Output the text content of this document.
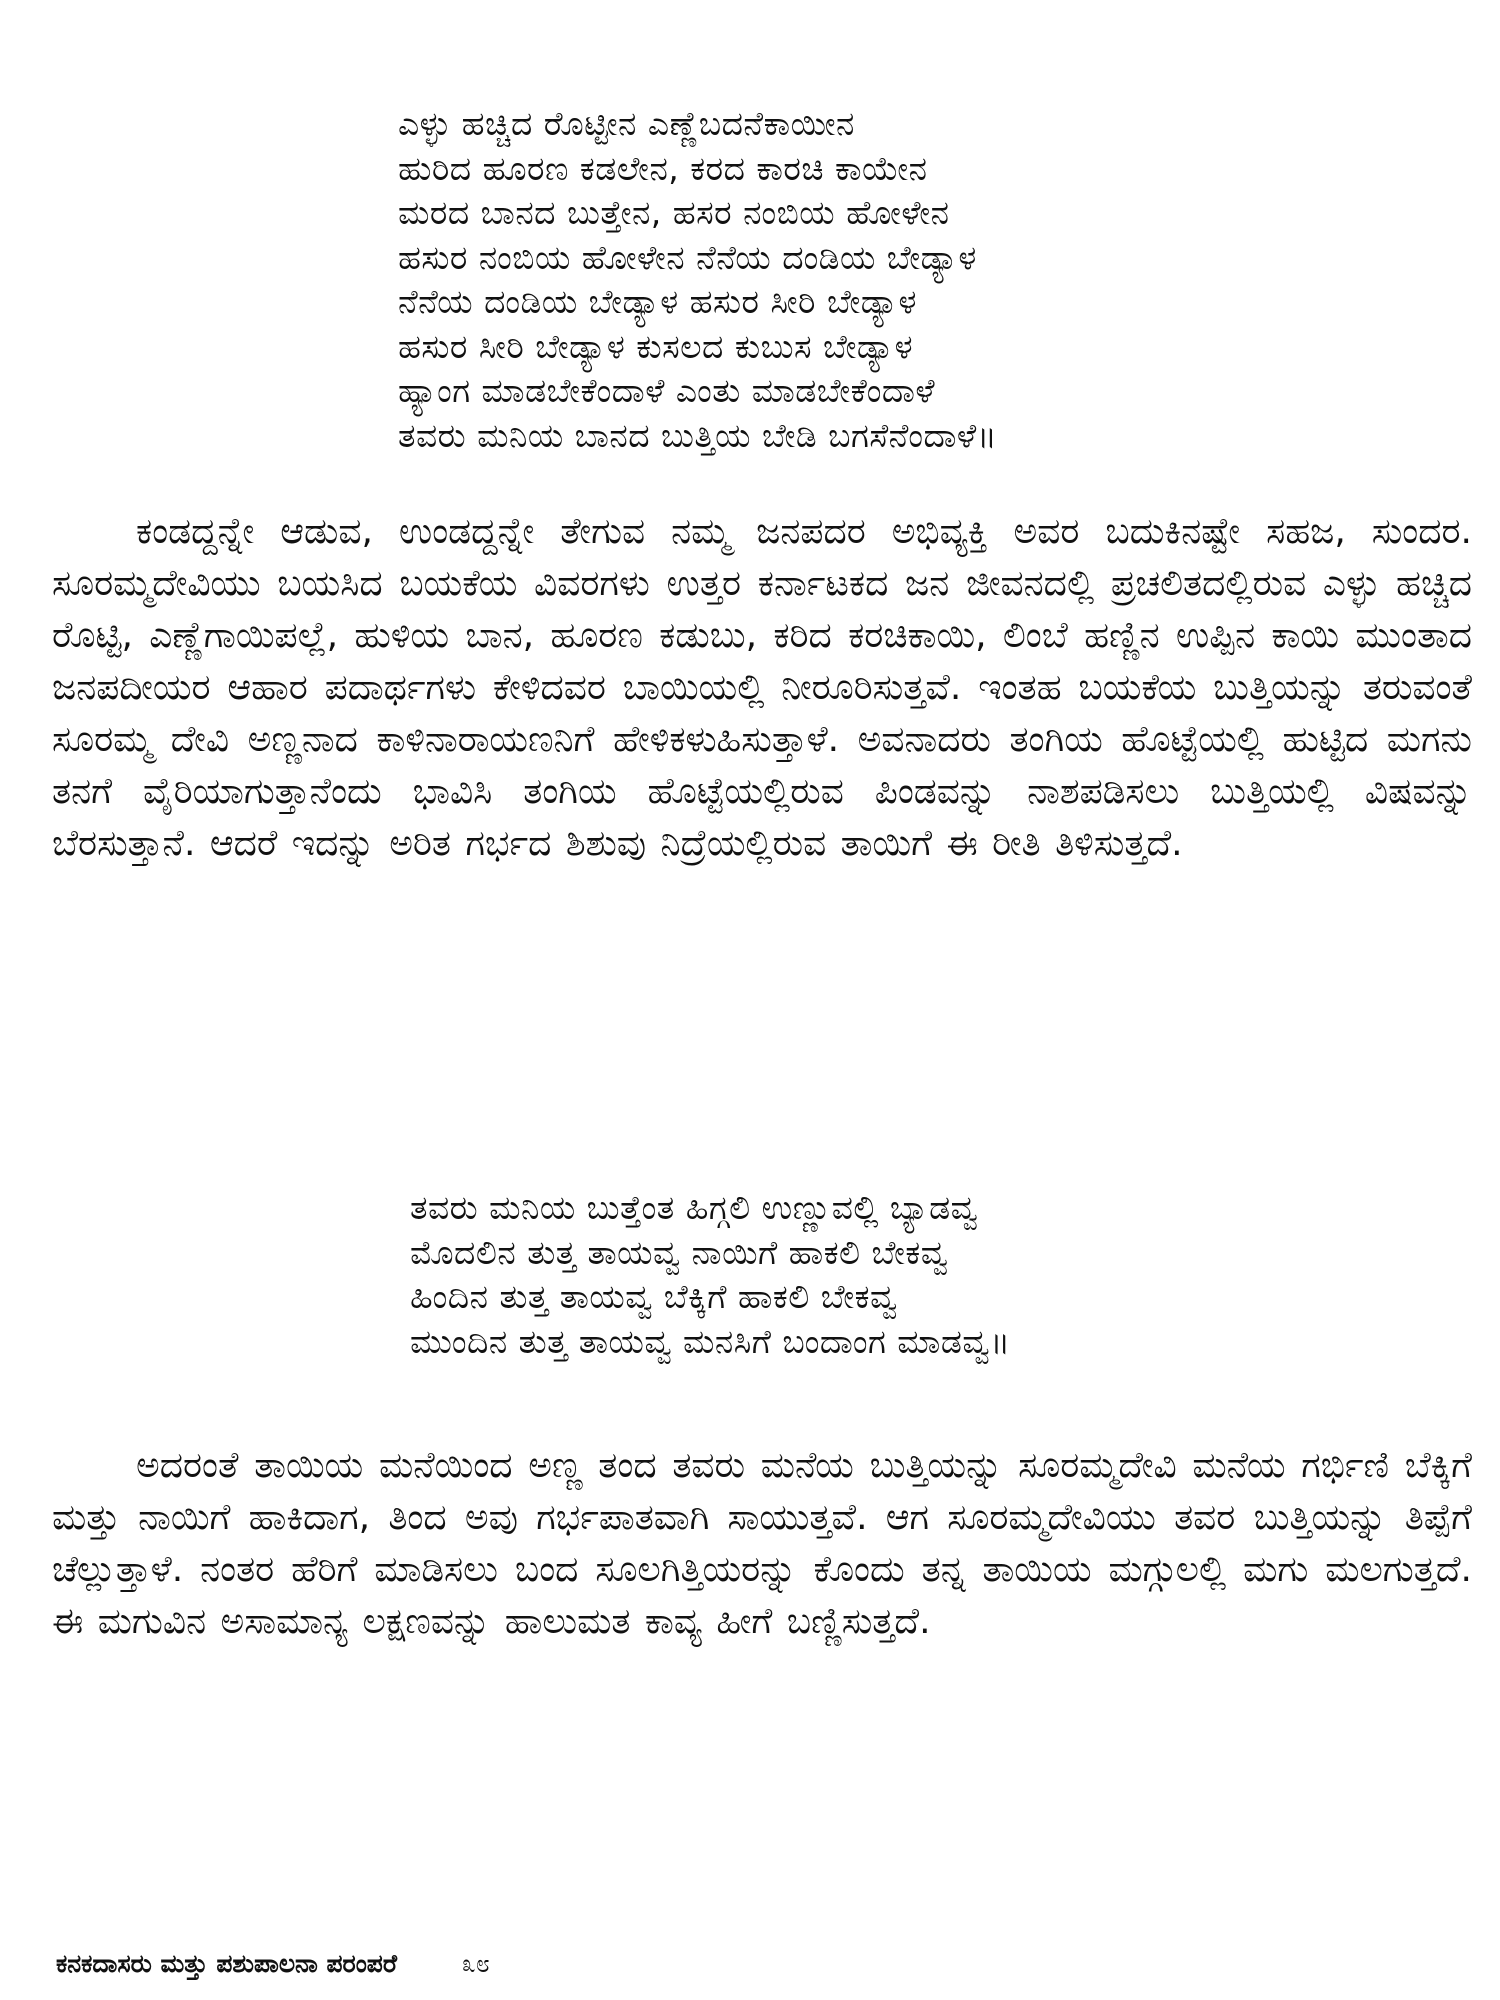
ಎಳ್ಳು ಹಚ್ಚಿದ ರೊಟ್ಟೀನ ಎಣ್ಣೆಬದನೆಕಾಯೀನ
ಹುರಿದ ಹೂರಣ ಕಡಲೇನ, ಕರದ ಕಾರಚಿ ಕಾಯೇನ
ಮರದ ಬಾನದ ಬುತ್ತೇನ, ಹಸರ ನಂಬಿಯ ಹೋಳೇನ
ಹಸುರ ನಂಬಿಯ ಹೋಳೇನ ನೆನೆಯ ದಂಡಿಯ ಬೇಡ್ಯಾಳ
ನೆನೆಯ ದಂಡಿಯ ಬೇಡ್ಯಾಳ ಹಸುರ ಸೀರಿ ಬೇಡ್ಯಾಳ
ಹಸುರ ಸೀರಿ ಬೇಡ್ಯಾಳ ಕುಸಲದ ಕುಬುಸ ಬೇಡ್ಯಾಳ
ಹ್ಯಾಂಗ ಮಾಡಬೇಕೆಂದಾಳೆ ಎಂತು ಮಾಡಬೇಕೆಂದಾಳೆ
ತವರು ಮನಿಯ ಬಾನದ ಬುತ್ತಿಯ ಬೇಡಿ ಬಗಸೆನೆಂದಾಳೆ॥

ಕಂಡದ್ದನ್ನೇ ಆಡುವ, ಉಂಡದ್ದನ್ನೇ ತೇಗುವ ನಮ್ಮ ಜನಪದರ ಅಭಿವ್ಯಕ್ತಿ ಅವರ ಬದುಕಿನಷ್ಟೇ ಸಹಜ, ಸುಂದರ. ಸೂರಮ್ಮದೇವಿಯು ಬಯಸಿದ ಬಯಕೆಯ ವಿವರಗಳು ಉತ್ತರ ಕರ್ನಾಟಕದ ಜನ ಜೀವನದಲ್ಲಿ ಪ್ರಚಲಿತದಲ್ಲಿರುವ ಎಳ್ಳು ಹಚ್ಚಿದ ರೊಟ್ಟಿ, ಎಣ್ಣೆಗಾಯಿಪಲ್ಲೆ, ಹುಳಿಯ ಬಾನ, ಹೂರಣ ಕಡುಬು, ಕರಿದ ಕರಚಿಕಾಯಿ, ಲಿಂಬೆ ಹಣ್ಣಿನ ಉಪ್ಪಿನ ಕಾಯಿ ಮುಂತಾದ ಜನಪದೀಯರ ಆಹಾರ ಪದಾರ್ಥಗಳು ಕೇಳಿದವರ ಬಾಯಿಯಲ್ಲಿ ನೀರೂರಿಸುತ್ತವೆ. ಇಂತಹ ಬಯಕೆಯ ಬುತ್ತಿಯನ್ನು ತರುವಂತೆ ಸೂರಮ್ಮ ದೇವಿ ಅಣ್ಣನಾದ ಕಾಳಿನಾರಾಯಣನಿಗೆ ಹೇಳಿಕಳುಹಿಸುತ್ತಾಳೆ. ಅವನಾದರು ತಂಗಿಯ ಹೊಟ್ಟೆಯಲ್ಲಿ ಹುಟ್ಟಿದ ಮಗನು ತನಗೆ ವೈರಿಯಾಗುತ್ತಾನೆಂದು ಭಾವಿಸಿ ತಂಗಿಯ ಹೊಟ್ಟೆಯಲ್ಲಿರುವ ಪಿಂಡವನ್ನು ನಾಶಪಡಿಸಲು ಬುತ್ತಿಯಲ್ಲಿ ವಿಷವನ್ನು ಬೆರಸುತ್ತಾನೆ. ಆದರೆ ಇದನ್ನು ಅರಿತ ಗರ್ಭದ ಶಿಶುವು ನಿದ್ರೆಯಲ್ಲಿರುವ ತಾಯಿಗೆ ಈ ರೀತಿ ತಿಳಿಸುತ್ತದೆ.

ತವರು ಮನಿಯ ಬುತ್ತೆಂತ ಹಿಗ್ಗಲಿ ಉಣ್ಣುವಲ್ಲಿ ಬ್ಯಾಡವ್ವ
ಮೊದಲಿನ ತುತ್ತ ತಾಯವ್ವ ನಾಯಿಗೆ ಹಾಕಲಿ ಬೇಕವ್ವ
ಹಿಂದಿನ ತುತ್ತ ತಾಯವ್ವ ಬೆಕ್ಕಿಗೆ ಹಾಕಲಿ ಬೇಕವ್ವ
ಮುಂದಿನ ತುತ್ತ ತಾಯವ್ವ ಮನಸಿಗೆ ಬಂದಾಂಗ ಮಾಡವ್ವ॥

ಅದರಂತೆ ತಾಯಿಯ ಮನೆಯಿಂದ ಅಣ್ಣ ತಂದ ತವರು ಮನೆಯ ಬುತ್ತಿಯನ್ನು ಸೂರಮ್ಮದೇವಿ ಮನೆಯ ಗರ್ಭಿಣಿ ಬೆಕ್ಕಿಗೆ ಮತ್ತು ನಾಯಿಗೆ ಹಾಕಿದಾಗ, ತಿಂದ ಅವು ಗರ್ಭಪಾತವಾಗಿ ಸಾಯುತ್ತವೆ. ಆಗ ಸೂರಮ್ಮದೇವಿಯು ತವರ ಬುತ್ತಿಯನ್ನು ತಿಪ್ಪೆಗೆ ಚೆಲ್ಲುತ್ತಾಳೆ. ನಂತರ ಹೆರಿಗೆ ಮಾಡಿಸಲು ಬಂದ ಸೂಲಗಿತ್ತಿಯರನ್ನು ಕೊಂದು ತನ್ನ ತಾಯಿಯ ಮಗ್ಗುಲಲ್ಲಿ ಮಗು ಮಲಗುತ್ತದೆ. ಈ ಮಗುವಿನ ಅಸಾಮಾನ್ಯ ಲಕ್ಷಣವನ್ನು ಹಾಲುಮತ ಕಾವ್ಯ ಹೀಗೆ ಬಣ್ಣಿಸುತ್ತದೆ.

ಕನಕದಾಸರು ಮತ್ತು ಪಶುಪಾಲನಾ ಪರಂಪರೆ	೩೮
